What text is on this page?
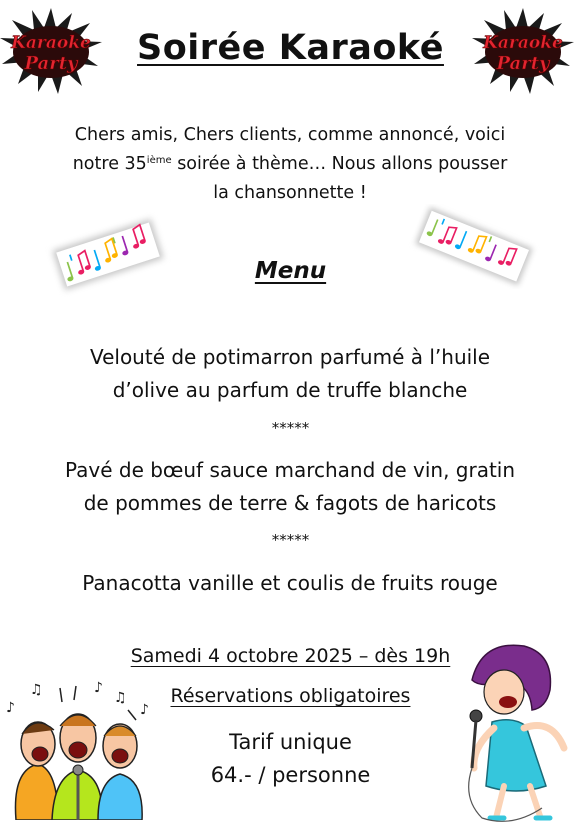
Karaoke
Party
Karaoke
Party
Soirée Karaoké
Chers amis, Chers clients, comme annoncé, voici
notre 35ième soirée à thème… Nous allons pousser
la chansonnette !
Menu
Velouté de potimarron parfumé à l’huile
d’olive au parfum de truffe blanche
*****
Pavé de bœuf sauce marchand de vin, gratin
de pommes de terre & fagots de haricots
*****
Panacotta vanille et coulis de fruits rouge
Samedi 4 octobre 2025 – dès 19h
Réservations obligatoires
Tarif unique
64.- / personne
♪
♫	♪
♫
♪
